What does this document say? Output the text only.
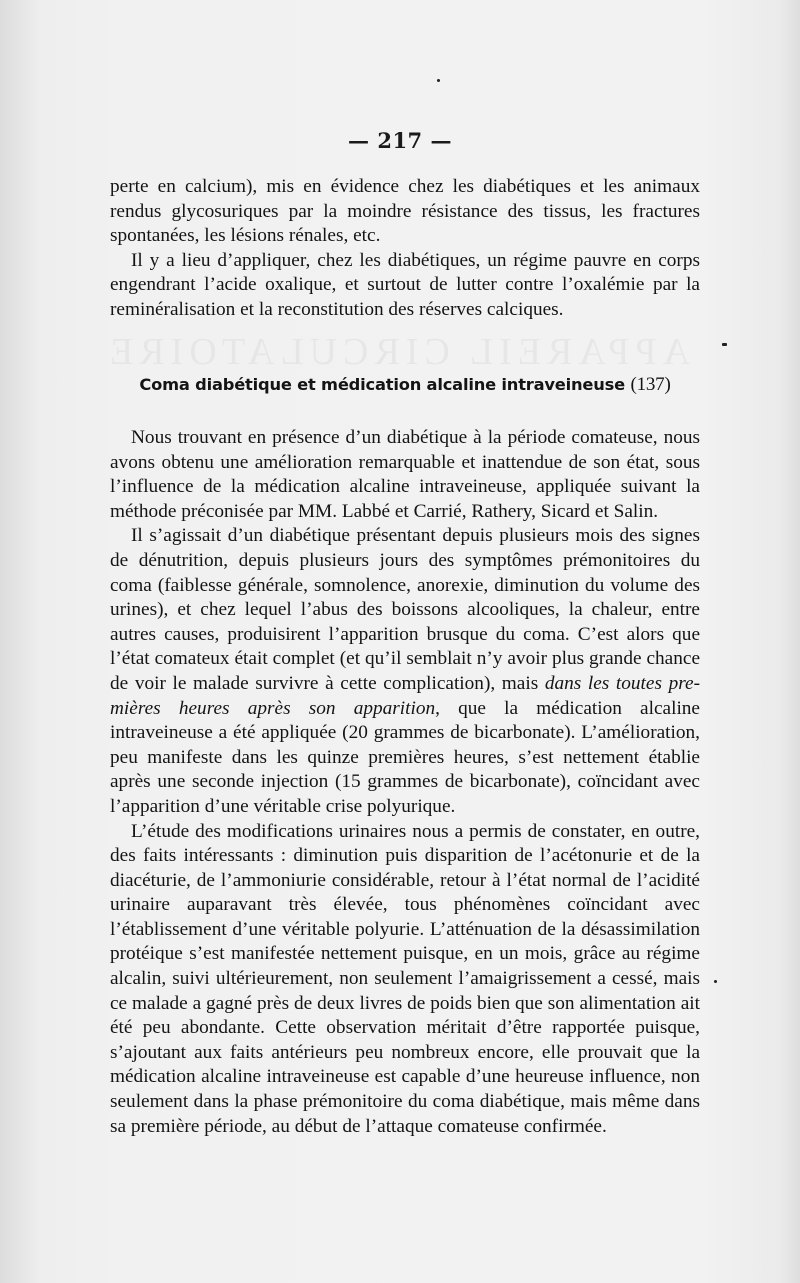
— 217 —

perte en calcium), mis en évidence chez les diabétiques et les animaux rendus glycosuriques par la moindre résistance des tissus, les fractures spontanées, les lésions rénales, etc.

Il y a lieu d’appliquer, chez les diabétiques, un régime pauvre en corps engendrant l’acide oxalique, et surtout de lutter contre l’oxalémie par la reminéralisation et la reconstitution des réserves calciques.

Coma diabétique et médication alcaline intraveineuse (137)

Nous trouvant en présence d’un diabétique à la période comateuse, nous avons obtenu une amélioration remarquable et inattendue de son état, sous l’influence de la médication alcaline intraveineuse, appliquée suivant la méthode préconisée par MM. Labbé et Carrié, Rathery, Sicard et Salin.

Il s’agissait d’un diabétique présentant depuis plusieurs mois des signes de dénutrition, depuis plusieurs jours des symptômes prémonitoires du coma (faiblesse générale, somnolence, anorexie, diminution du volume des urines), et chez lequel l’abus des boissons alcooliques, la chaleur, entre autres causes, produisirent l’apparition brusque du coma. C’est alors que l’état comateux était complet (et qu’il semblait n’y avoir plus grande chance de voir le malade survivre à cette complication), mais dans les toutes premières heures après son apparition, que la médication alcaline intraveineuse a été appliquée (20 grammes de bicarbonate). L’amélioration, peu manifeste dans les quinze premières heures, s’est nettement établie après une seconde injection (15 grammes de bicarbonate), coïncidant avec l’apparition d’une véritable crise polyurique.

L’étude des modifications urinaires nous a permis de constater, en outre, des faits intéressants : diminution puis disparition de l’acétonurie et de la diacéturie, de l’ammoniurie considérable, retour à l’état normal de l’acidité urinaire auparavant très élevée, tous phénomènes coïncidant avec l’établissement d’une véritable polyurie. L’atténuation de la désassimilation protéique s’est manifestée nettement puisque, en un mois, grâce au régime alcalin, suivi ultérieurement, non seulement l’amaigrissement a cessé, mais ce malade a gagné près de deux livres de poids bien que son alimentation ait été peu abondante. Cette observation méritait d’être rapportée puisque, s’ajoutant aux faits antérieurs peu nombreux encore, elle prouvait que la médication alcaline intraveineuse est capable d’une heureuse influence, non seulement dans la phase prémonitoire du coma diabétique, mais même dans sa première période, au début de l’attaque comateuse confirmée.
